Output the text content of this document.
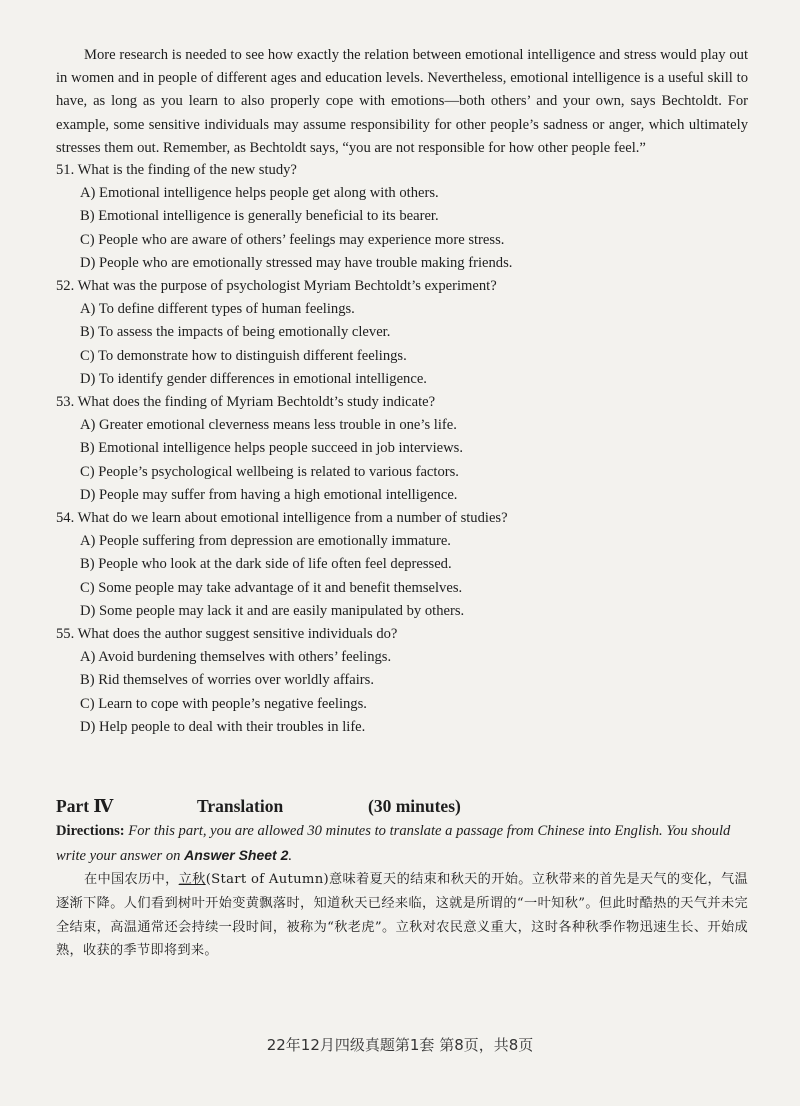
More research is needed to see how exactly the relation between emotional intelligence and stress would play out in women and in people of different ages and education levels. Nevertheless, emotional intelligence is a useful skill to have, as long as you learn to also properly cope with emotions—both others’ and your own, says Bechtoldt. For example, some sensitive individuals may assume responsibility for other people’s sadness or anger, which ultimately stresses them out. Remember, as Bechtoldt says, “you are not responsible for how other people feel.”

51. What is the finding of the new study?

A) Emotional intelligence helps people get along with others.

B) Emotional intelligence is generally beneficial to its bearer.

C) People who are aware of others’ feelings may experience more stress.

D) People who are emotionally stressed may have trouble making friends.

52. What was the purpose of psychologist Myriam Bechtoldt’s experiment?

A) To define different types of human feelings.

B) To assess the impacts of being emotionally clever.

C) To demonstrate how to distinguish different feelings.

D) To identify gender differences in emotional intelligence.

53. What does the finding of Myriam Bechtoldt’s study indicate?

A) Greater emotional cleverness means less trouble in one’s life.

B) Emotional intelligence helps people succeed in job interviews.

C) People’s psychological wellbeing is related to various factors.

D) People may suffer from having a high emotional intelligence.

54. What do we learn about emotional intelligence from a number of studies?

A) People suffering from depression are emotionally immature.

B) People who look at the dark side of life often feel depressed.

C) Some people may take advantage of it and benefit themselves.

D) Some people may lack it and are easily manipulated by others.

55. What does the author suggest sensitive individuals do?

A) Avoid burdening themselves with others’ feelings.

B) Rid themselves of worries over worldly affairs.

C) Learn to cope with people’s negative feelings.

D) Help people to deal with their troubles in life.

Part Ⅳ	Translation	(30 minutes)

Directions: For this part, you are allowed 30 minutes to translate a passage from Chinese into English. You should write your answer on Answer Sheet 2.

在中国农历中，立秋(Start of Autumn)意味着夏天的结束和秋天的开始。立秋带来的首先是天气的变化，气温逐渐下降。人们看到树叶开始变黄飘落时，知道秋天已经来临，这就是所谓的“一叶知秋”。但此时酷热的天气并未完全结束，高温通常还会持续一段时间，被称为“秋老虎”。立秋对农民意义重大，这时各种秋季作物迅速生长、开始成熟，收获的季节即将到来。

22年12月四级真题第1套 第8页，共8页
